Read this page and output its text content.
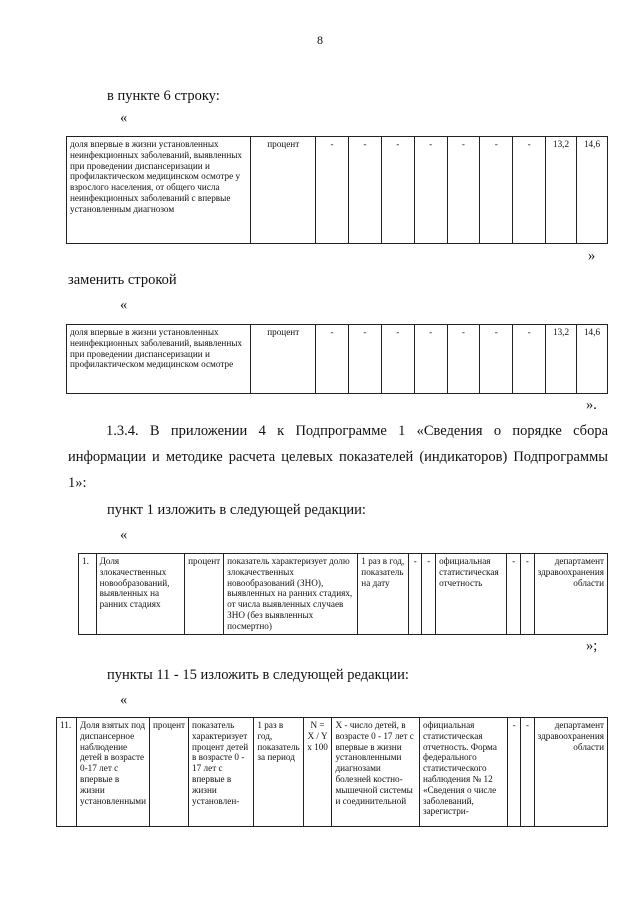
8
в пункте 6 строку:
«
доля впервые в жизни установленных неинфекционных заболеваний, выявленных при проведении диспансеризации и профилактическом медицинском осмотре у взрослого населения, от общего числа неинфекционных заболеваний с впервые установленным диагнозом	процент	-	-	-	-	-	-	-	13,2	14,6
»
заменить строкой
«
доля впервые в жизни установленных неинфекционных заболеваний, выявленных при проведении диспансеризации и профилактическом медицинском осмотре	процент	-	-	-	-	-	-	-	13,2	14,6
».
1.3.4. В приложении 4 к Подпрограмме 1 «Сведения о порядке сбора информации и методике расчета целевых показателей (индикаторов) Подпрограммы 1»:
пункт 1 изложить в следующей редакции:
«
1.	Доля злокачественных новообразований, выявленных на ранних стадиях	процент	показатель характеризует долю злокачественных новообразований (ЗНО), выявленных на ранних стадиях, от числа выявленных случаев ЗНО (без выявленных посмертно)	1 раз в год, показатель на дату	-	-	официальная статистическая отчетность	-	-	департамент здравоохранения области
»;
пункты 11 - 15 изложить в следующей редакции:
«
11.	Доля взятых под диспансерное наблюдение детей в возрасте 0-17 лет с впервые в жизни установленными	процент	показатель характеризует процент детей в возрасте 0 - 17 лет с впервые в жизни установлен-	1 раз в год, показатель за период	N = X / Y x 100	X - число детей, в возрасте 0 - 17 лет с впервые в жизни установленными диагнозами болезней костно-мышечной системы и соединительной	официальная статистическая отчетность. Форма федерального статистического наблюдения № 12 «Сведения о числе заболеваний, зарегистри-	-	-	департамент здравоохранения области
